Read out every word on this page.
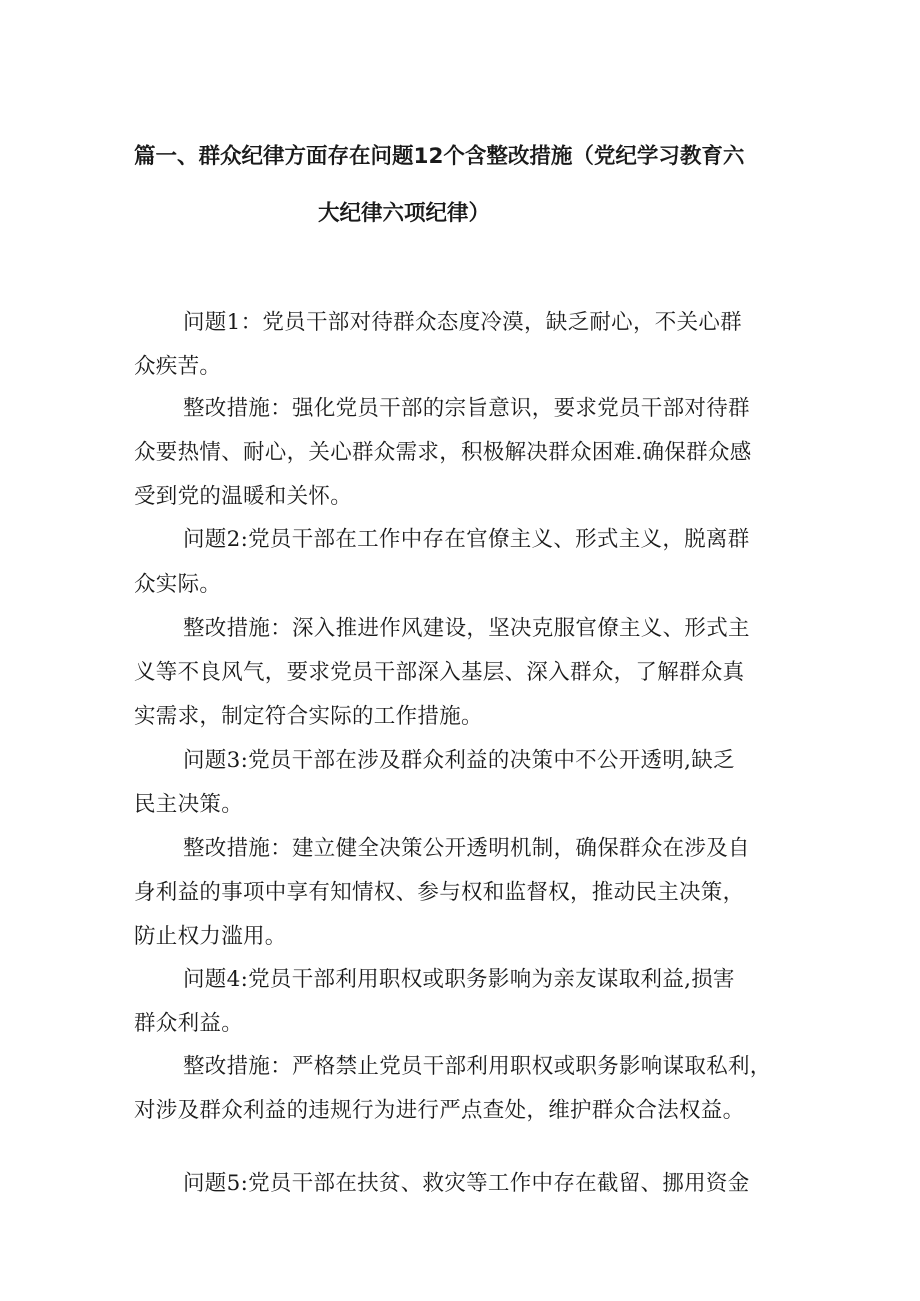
篇一、群众纪律方面存在问题12个含整改措施（党纪学习教育六
大纪律六项纪律）
问题1：党员干部对待群众态度冷漠，缺乏耐心，不关心群
众疾苦。
整改措施：强化党员干部的宗旨意识，要求党员干部对待群
众要热情、耐心，关心群众需求，积极解决群众困难.确保群众感
受到党的温暖和关怀。
问题2:党员干部在工作中存在官僚主义、形式主义，脱离群
众实际。
整改措施：深入推进作风建设，坚决克服官僚主义、形式主
义等不良风气，要求党员干部深入基层、深入群众，了解群众真
实需求，制定符合实际的工作措施。
问题3:党员干部在涉及群众利益的决策中不公开透明,缺乏
民主决策。
整改措施：建立健全决策公开透明机制，确保群众在涉及自
身利益的事项中享有知情权、参与权和监督权，推动民主决策，
防止权力滥用。
问题4:党员干部利用职权或职务影响为亲友谋取利益,损害
群众利益。
整改措施：严格禁止党员干部利用职权或职务影响谋取私利，
对涉及群众利益的违规行为进行严点查处，维护群众合法权益。
问题5:党员干部在扶贫、救灾等工作中存在截留、挪用资金
